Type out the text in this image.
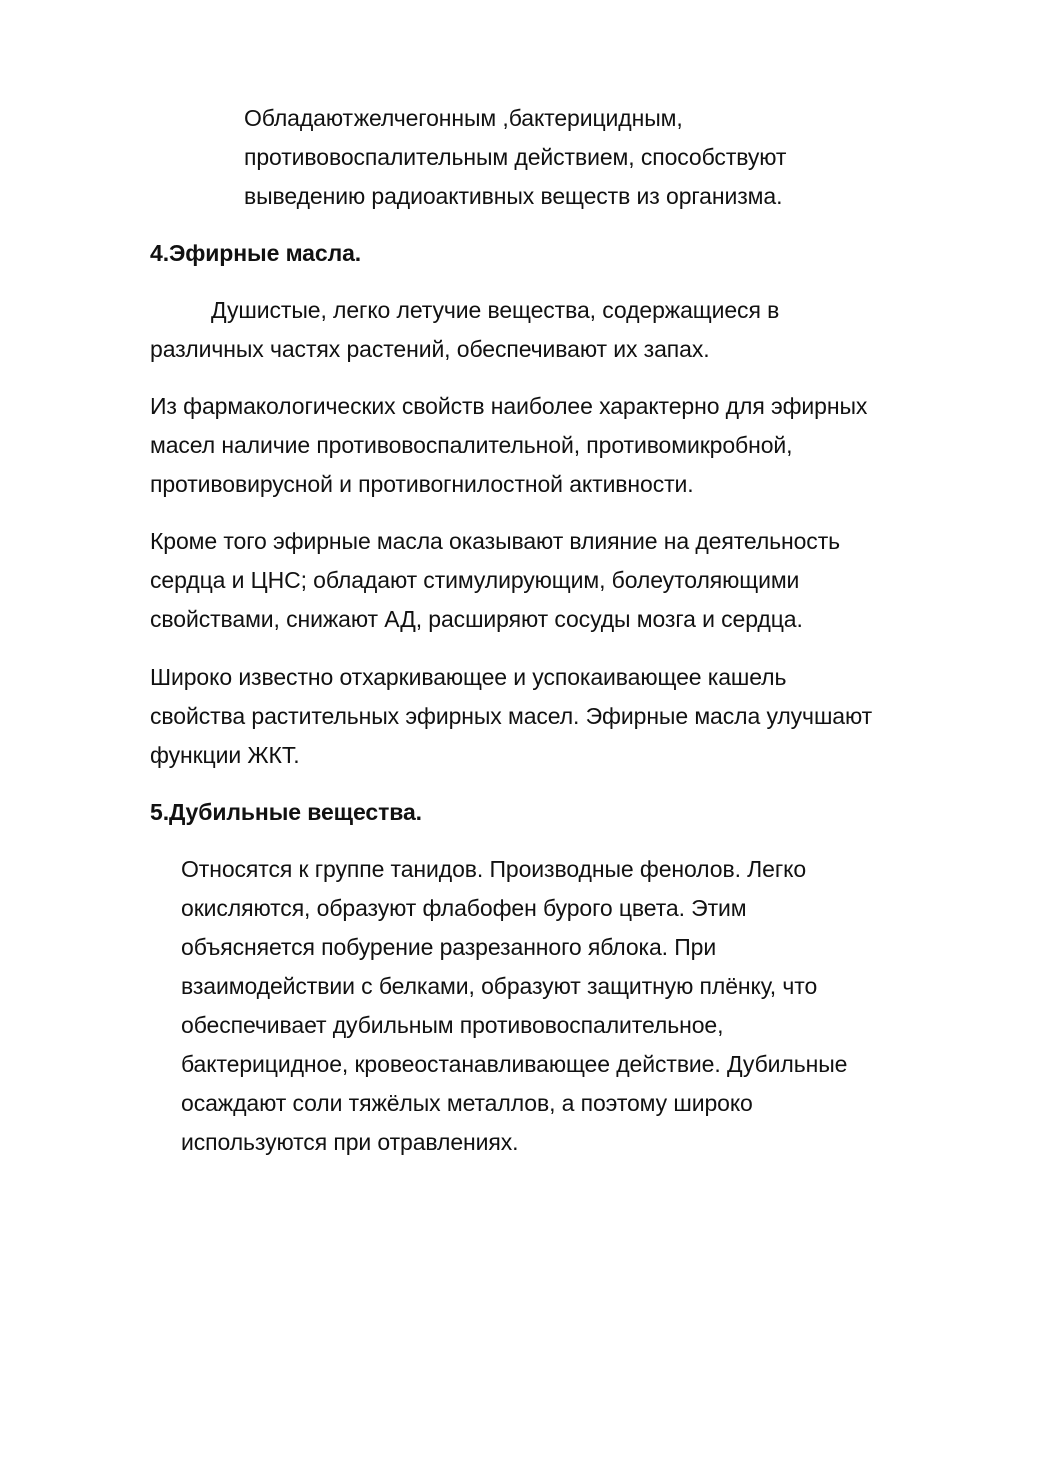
Обладаютжелчегонным ,бактерицидным,
противовоспалительным действием, способствуют
выведению радиоактивных веществ из организма.
4.Эфирные масла.
Душистые, легко летучие вещества, содержащиеся в
различных частях растений, обеспечивают их запах.
Из фармакологических свойств наиболее характерно для эфирных
масел наличие противовоспалительной, противомикробной,
противовирусной и противогнилостной активности.
Кроме того эфирные масла оказывают влияние на деятельность
сердца и ЦНС; обладают стимулирующим, болеутоляющими
свойствами, снижают АД, расширяют сосуды мозга и сердца.
Широко известно отхаркивающее и успокаивающее кашель
свойства растительных эфирных масел. Эфирные масла улучшают
функции ЖКТ.
5.Дубильные вещества.
Относятся к группе танидов. Производные фенолов. Легко
окисляются, образуют флабофен бурого цвета. Этим
объясняется побурение разрезанного яблока. При
взаимодействии с белками, образуют защитную плёнку, что
обеспечивает дубильным противовоспалительное,
бактерицидное, кровеостанавливающее действие. Дубильные
осаждают соли тяжёлых металлов, а поэтому широко
используются при отравлениях.
